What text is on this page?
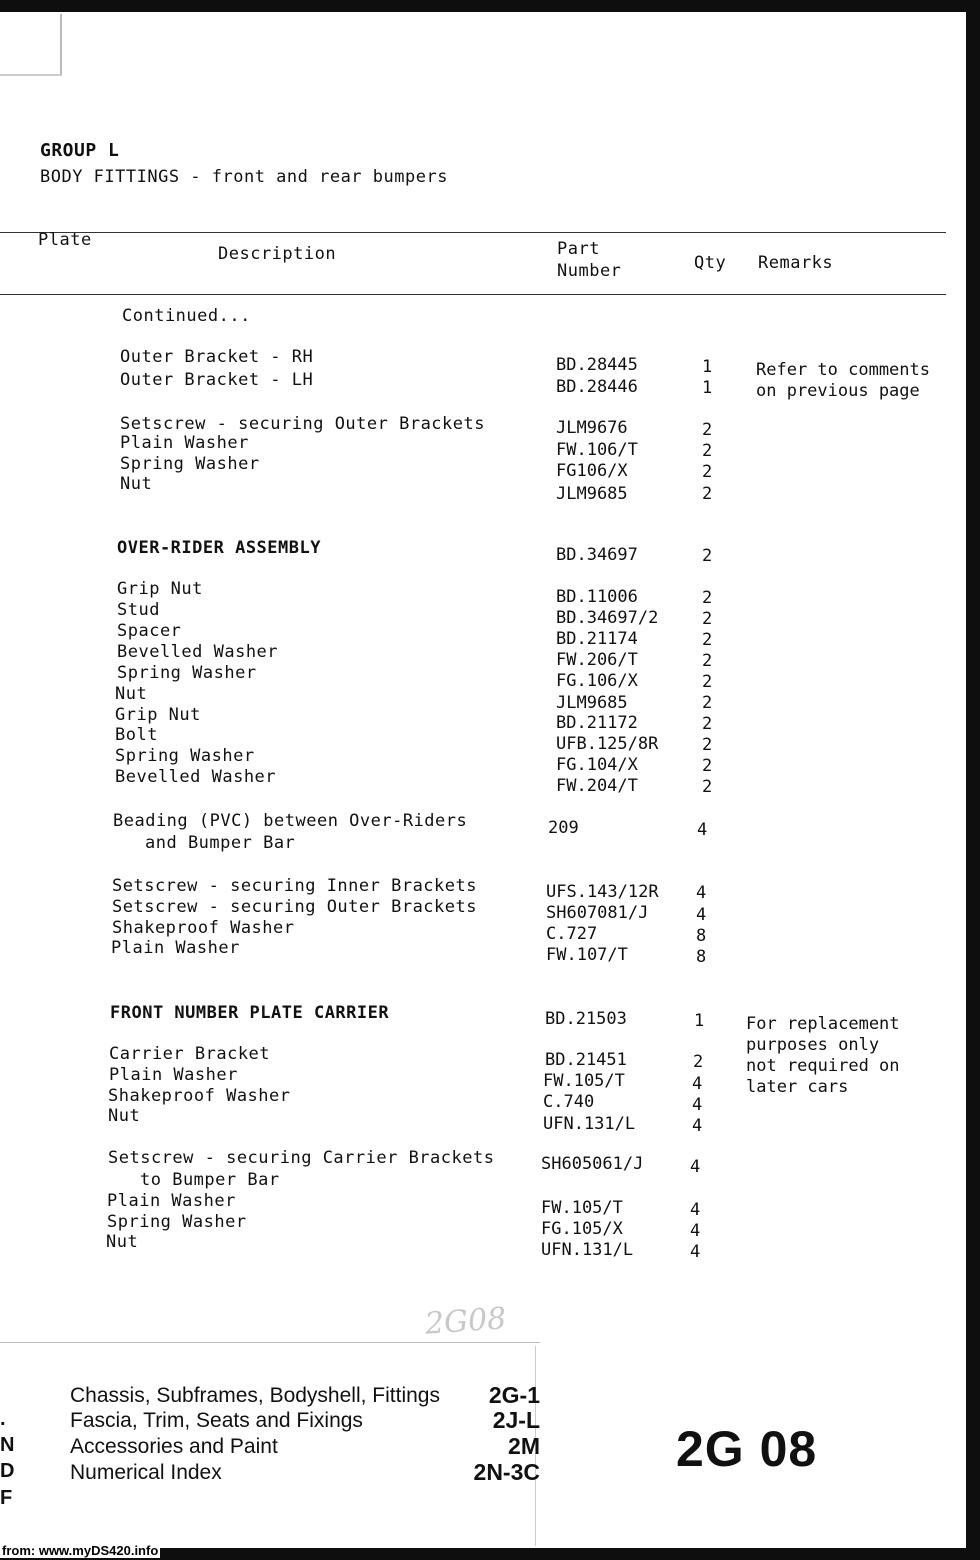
GROUP L
BODY FITTINGS - front and rear bumpers
Plate
Description	Part
Number	Qty Remarks
Continued...
Outer Bracket - RH	BD.28445	1
Outer Bracket - LH	BD.28446	1
Refer to comments
on previous page
Setscrew - securing Outer Brackets	JLM9676	2
Plain Washer	FW.106/T	2
Spring Washer	FG106/X	2
Nut	JLM9685	2
OVER-RIDER ASSEMBLY	BD.34697	2
Grip Nut	BD.11006	2
Stud	BD.34697/2	2
Spacer	BD.21174	2
Bevelled Washer	FW.206/T	2
Spring Washer	FG.106/X	2
Nut	JLM9685	2
Grip Nut	BD.21172	2
Bolt	UFB.125/8R	2
Spring Washer	FG.104/X	2
Bevelled Washer	FW.204/T	2
Beading (PVC) between Over-Riders
and Bumper Bar
209	4
Setscrew - securing Inner Brackets	UFS.143/12R 4
Setscrew - securing Outer Brackets	SH607081/J	4
Shakeproof Washer	C.727	8
Plain Washer	FW.107/T	8
FRONT NUMBER PLATE CARRIER	BD.21503	1 For replacement
purposes only
not required on
later cars
Carrier Bracket	BD.21451	2
Plain Washer	FW.105/T	4
Shakeproof Washer	C.740	4
Nut	UFN.131/L	4
Setscrew - securing Carrier Brackets
to Bumper Bar
SH605061/J	4
Plain Washer	FW.105/T	4
Spring Washer	FG.105/X	4
Nut	UFN.131/L	4
2G08
Chassis, Subframes, Bodyshell, Fittings 2G-1
Fascia, Trim, Seats and Fixings	2J-L
.
Accessories and Paint	2M
N
Numerical Index	2N-3C
D
F
2G 08
from: www.myDS420.info
